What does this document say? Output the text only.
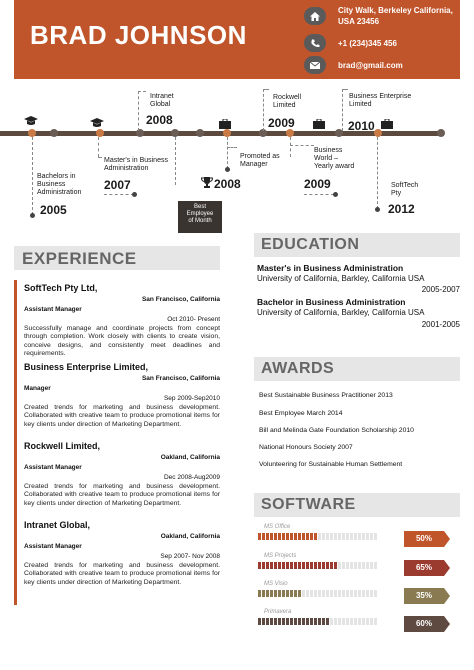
BRAD JOHNSON
City Walk, Berkeley California,
USA 23456
+1 (234)345 456
brad@gmail.com
Bachelors in
Business
Administration
2005
Master's in Business
Administration
2007
Intranet
Global
2008
2008
Best
Employee
of Month
Promoted as
Manager
Rockwell
Limited
2009
Business
World –
Yearly award
2009
Business Enterprise
Limited
2010
SoftTech
Pty
2012
EXPERIENCE
SoftTech Pty Ltd,
San Francisco, California
Assistant Manager
Oct 2010- Present
Successfully manage and coordinate projects from concept through completion. Work closely with clients to create vision, conceive designs, and consistently meet deadlines and requirements.
Business Enterprise Limited,
San Francisco, California
Manager
Sep 2009-Sep2010
Created trends for marketing and business development. Collaborated with creative team to produce promotional items for key clients under direction of Marketing Department.
Rockwell Limited,
Oakland, California
Assistant Manager
Dec 2008-Aug2009
Created trends for marketing and business development. Collaborated with creative team to produce promotional items for key clients under direction of Marketing Department.
Intranet Global,
Oakland, California
Assistant Manager
Sep 2007- Nov 2008
Created trends for marketing and business development. Collaborated with creative team to produce promotional items for key clients under direction of Marketing Department.
EDUCATION
Master's in Business Administration
University of California, Barkley, California USA
2005-2007
Bachelor in Business Administration
University of California, Barkley, California USA
2001-2005
AWARDS
Best Sustainable Business Practitioner 2013
Best Employee March 2014
Bill and Melinda Gate Foundation Scholarship 2010
National Honours Society 2007
Volunteering for Sustainable Human Settlement
SOFTWARE
MS Office
50%
MS Projects
65%
MS Visio
35%
Primavera
60%
